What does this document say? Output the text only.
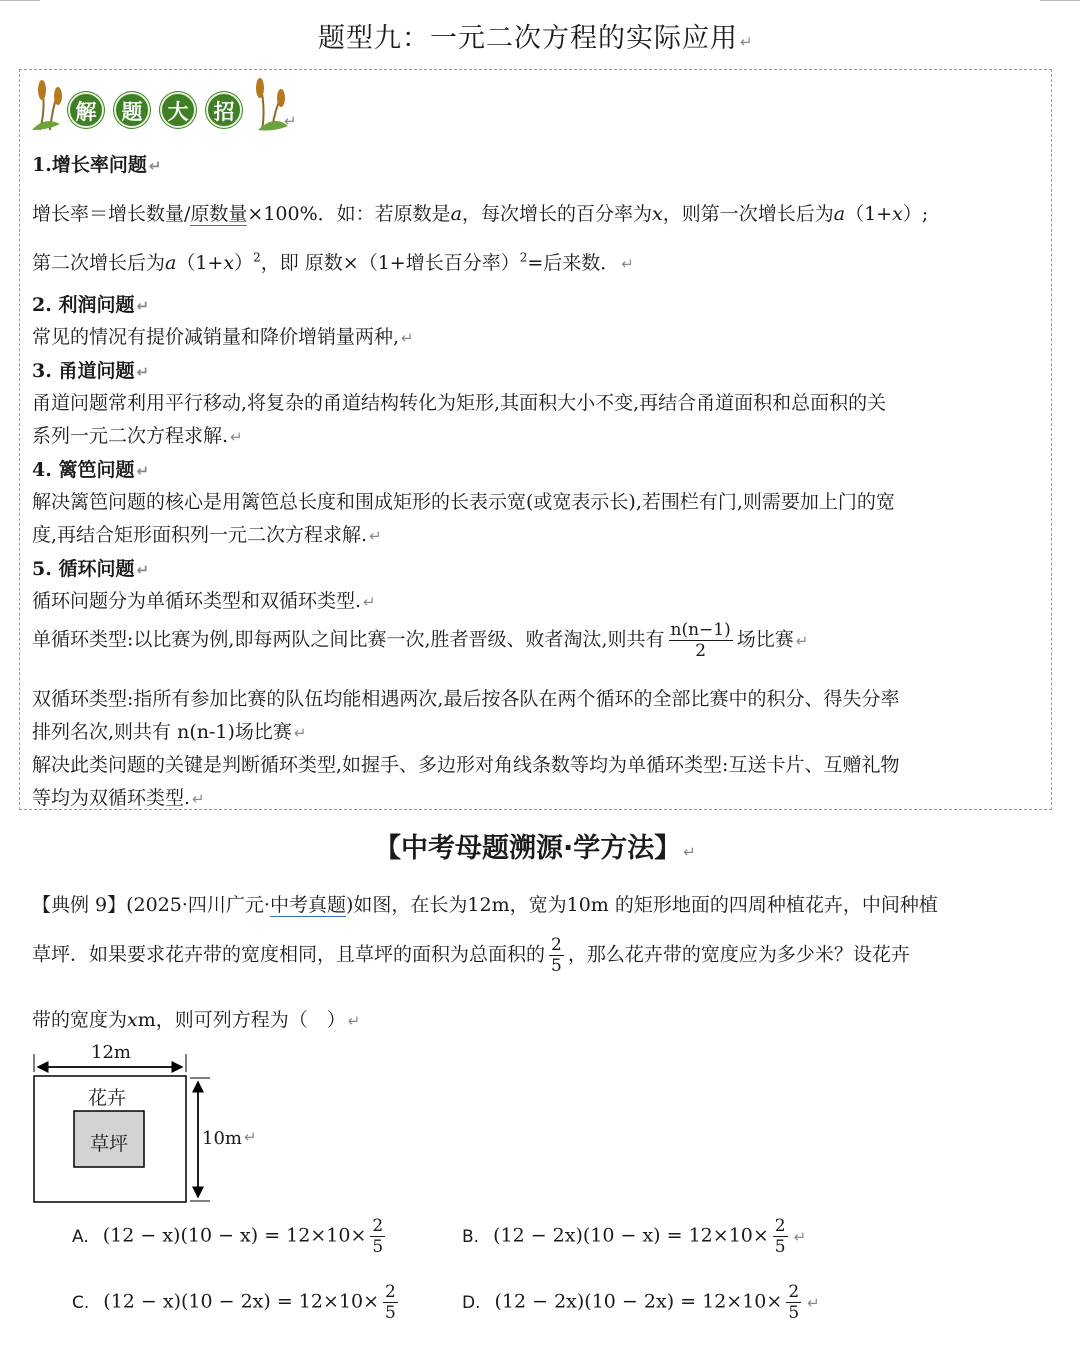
题型九：一元二次方程的实际应用 ↵
解	题	大	招	↵
1.增长率问题 ↵
增长率＝增长数量/原数量×100%．如：若原数是a，每次增长的百分率为x，则第一次增长后为a（1+x）;
第二次增长后为$a(1+x)^2$，即 原数×（1+增长百分率）$^2$=后来数． ↵
2. 利润问题 ↵
常见的情况有提价减销量和降价增销量两种, ↵
3. 甬道问题 ↵
甬道问题常利用平行移动,将复杂的甬道结构转化为矩形,其面积大小不变,再结合甬道面积和总面积的关
系列一元二次方程求解. ↵
4. 篱笆问题 ↵
解决篱笆问题的核心是用篱笆总长度和围成矩形的长表示宽(或宽表示长),若围栏有门,则需要加上门的宽
度,再结合矩形面积列一元二次方程求解. ↵
5. 循环问题 ↵
循环问题分为单循环类型和双循环类型. ↵
单循环类型:以比赛为例,即每两队之间比赛一次,胜者晋级、败者淘汰,则共有 $\frac{n(n-1)}{2}$ 场比赛 ↵
双循环类型:指所有参加比赛的队伍均能相遇两次,最后按各队在两个循环的全部比赛中的积分、得失分率
排列名次,则共有 n(n-1)场比赛 ↵
解决此类问题的关键是判断循环类型,如握手、多边形对角线条数等均为单循环类型:互送卡片、互赠礼物
等均为双循环类型. ↵
【中考母题溯源·学方法】 ↵
【典例 9】(2025·四川广元·中考真题)如图，在长为12m，宽为10m 的矩形地面的四周种植花卉，中间种植
草坪．如果要求花卉带的宽度相同，且草坪的面积为总面积的 $\frac{2}{5}$ ，那么花卉带的宽度应为多少米？设花卉
带的宽度为xm，则可列方程为（　） ↵
12m
花卉
草坪	10m ↵
A. $(12 - x)(10 - x) = 12\times 10\times \frac{2}{5}$	B. $(12 - 2x)(10 - x) = 12\times 10\times \frac{2}{5}$ ↵
C. $(12 - x)(10 - 2x) = 12\times 10\times \frac{2}{5}$	D. $(12 - 2x)(10 - 2x) = 12\times 10\times \frac{2}{5}$ ↵
